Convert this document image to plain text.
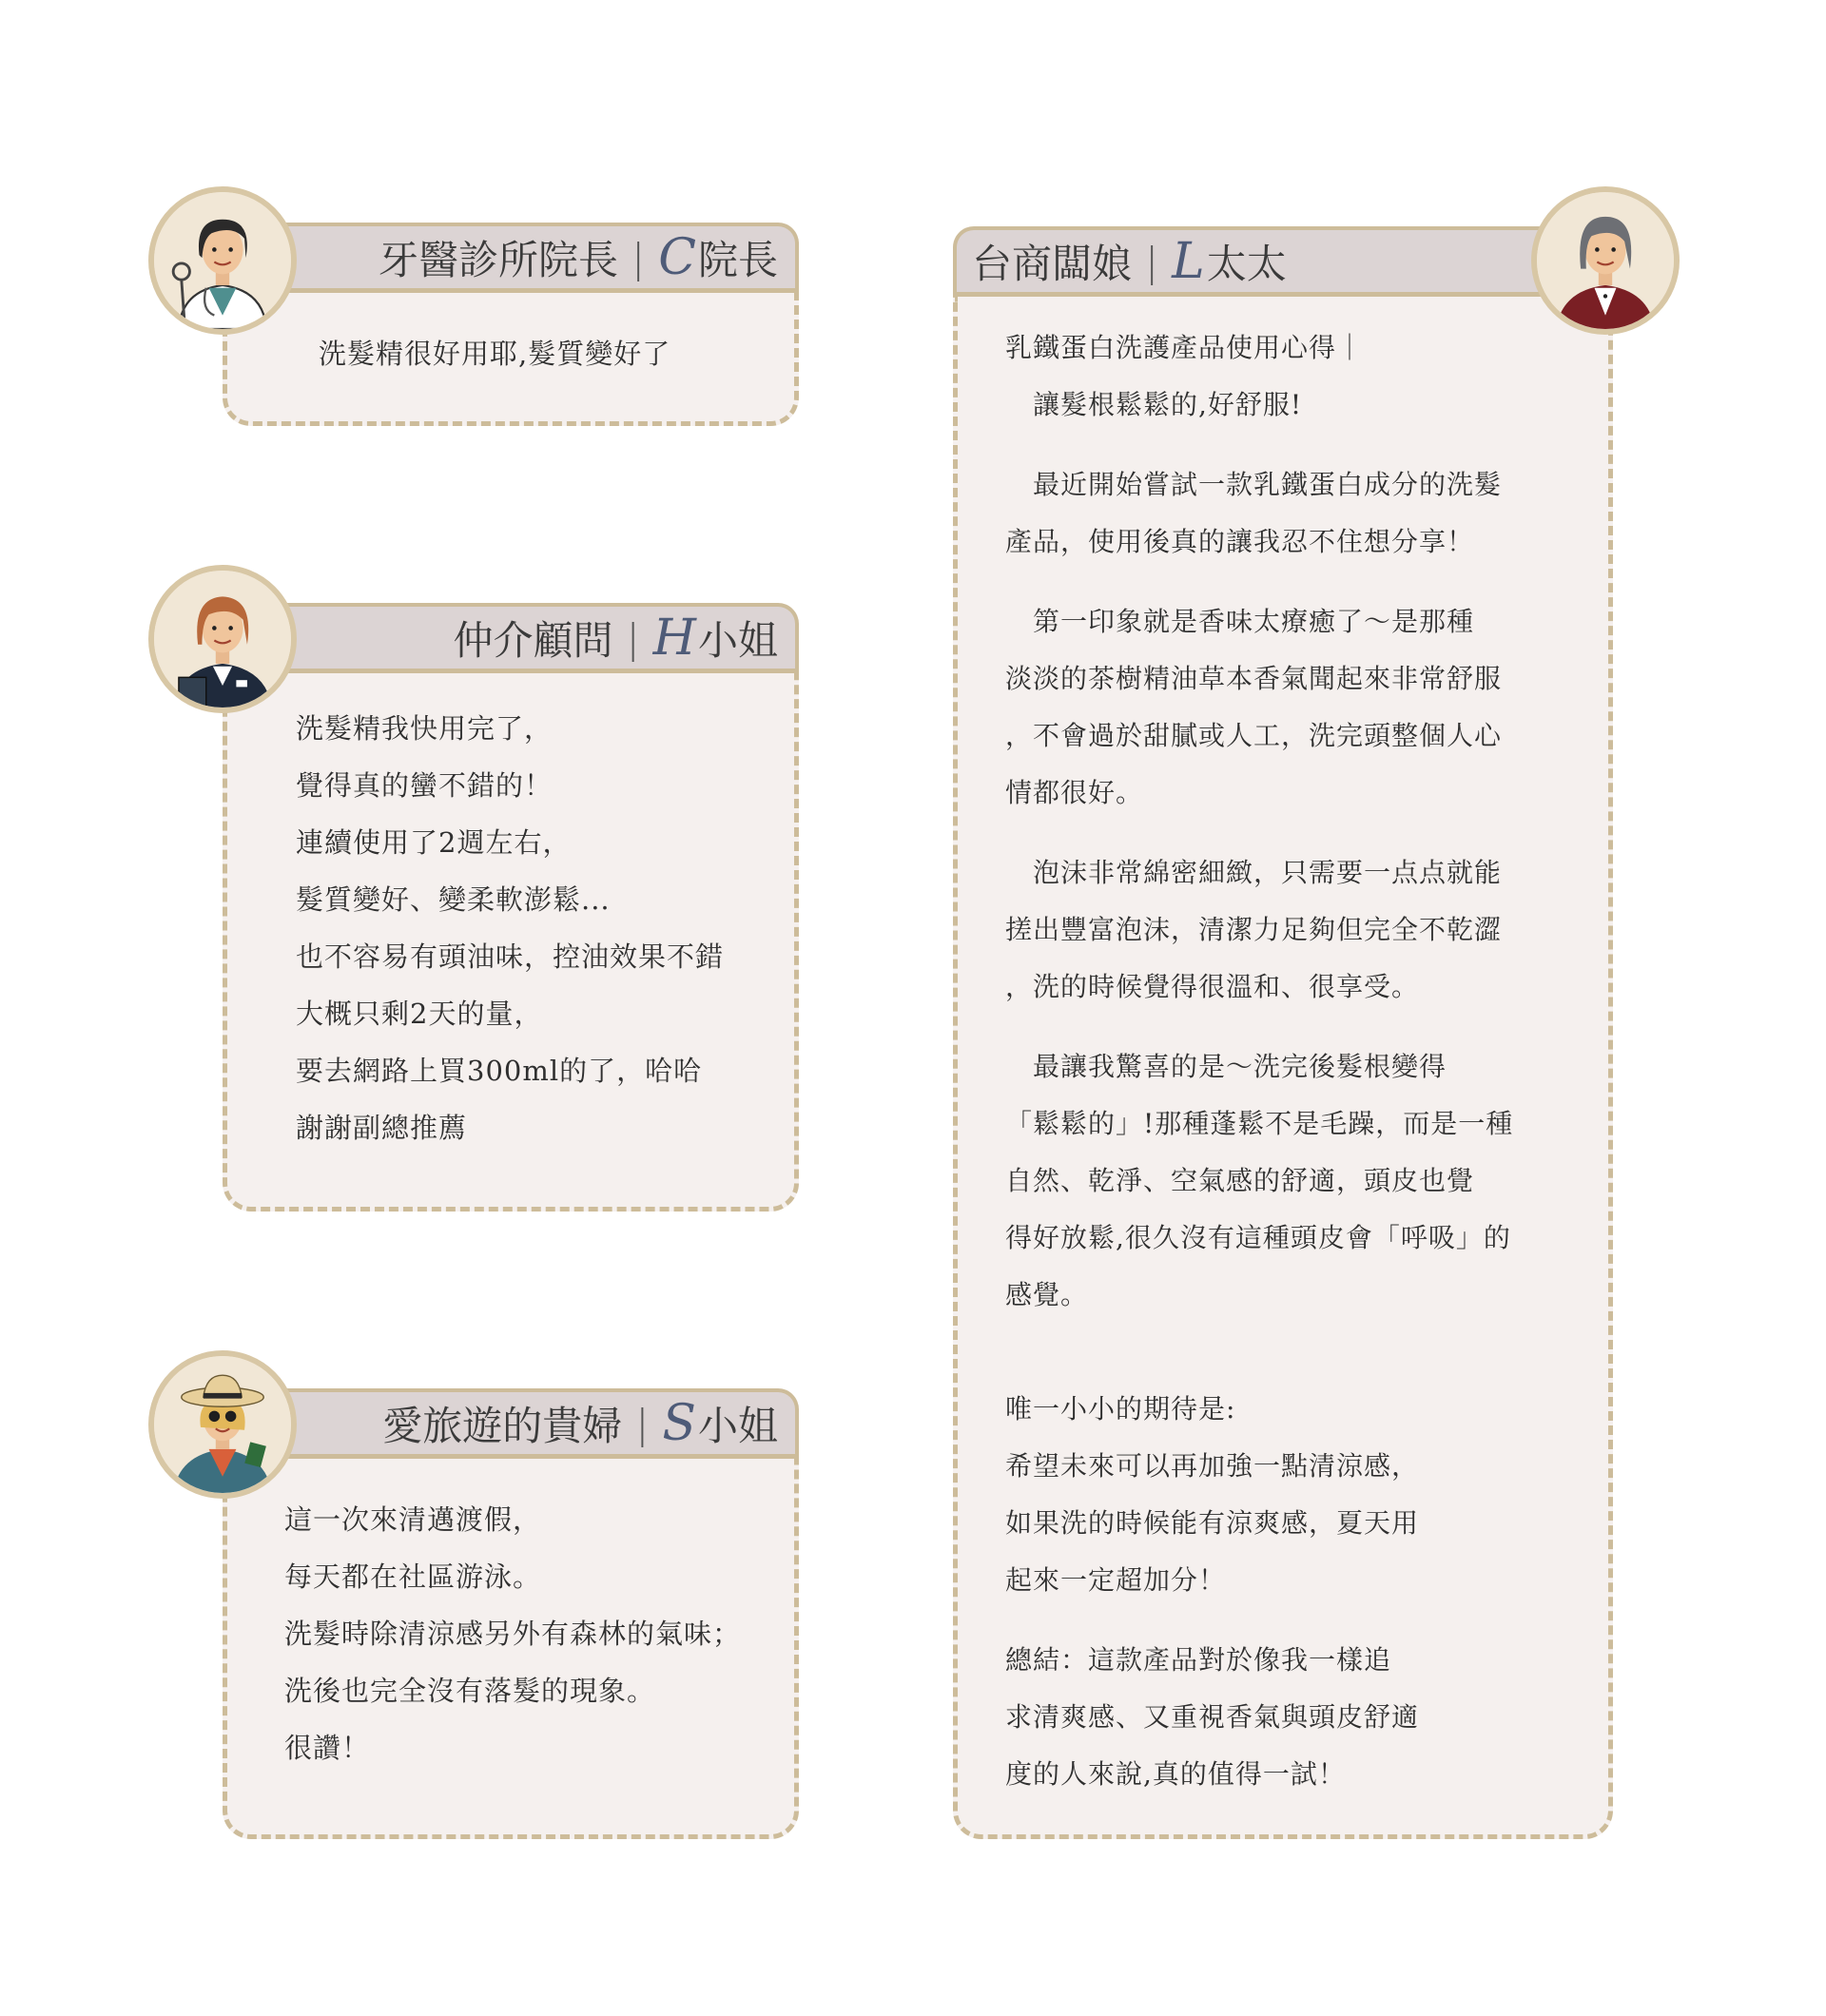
牙醫診所院長 | C 院長

洗髮精很好用耶,髮質變好了

仲介顧問 | H 小姐

洗髮精我快用完了，

覺得真的蠻不錯的！

連續使用了2週左右，

髮質變好、變柔軟澎鬆...

也不容易有頭油味，控油效果不錯

大概只剩2天的量，

要去網路上買300ml的了，哈哈

謝謝副總推薦

愛旅遊的貴婦 | S 小姐

這一次來清邁渡假，

每天都在社區游泳。

洗髮時除清涼感另外有森林的氣味；

洗後也完全沒有落髮的現象。

很讚！

台商闆娘 | L 太太

乳鐵蛋白洗護產品使用心得｜

　讓髮根鬆鬆的,好舒服!

　最近開始嘗試一款乳鐵蛋白成分的洗髮

產品，使用後真的讓我忍不住想分享！

　第一印象就是香味太療癒了～是那種

淡淡的茶樹精油草本香氣聞起來非常舒服

，不會過於甜膩或人工，洗完頭整個人心

情都很好。

　泡沫非常綿密細緻，只需要一点点就能

搓出豐富泡沫，清潔力足夠但完全不乾澀

，洗的時候覺得很溫和、很享受。

　最讓我驚喜的是～洗完後髮根變得

「鬆鬆的」!那種蓬鬆不是毛躁，而是一種

自然、乾淨、空氣感的舒適，頭皮也覺

得好放鬆,很久沒有這種頭皮會「呼吸」的

感覺。

唯一小小的期待是:

希望未來可以再加強一點清涼感，

如果洗的時候能有涼爽感，夏天用

起來一定超加分！

總結：這款產品對於像我一樣追

求清爽感、又重視香氣與頭皮舒適

度的人來說,真的值得一試！
